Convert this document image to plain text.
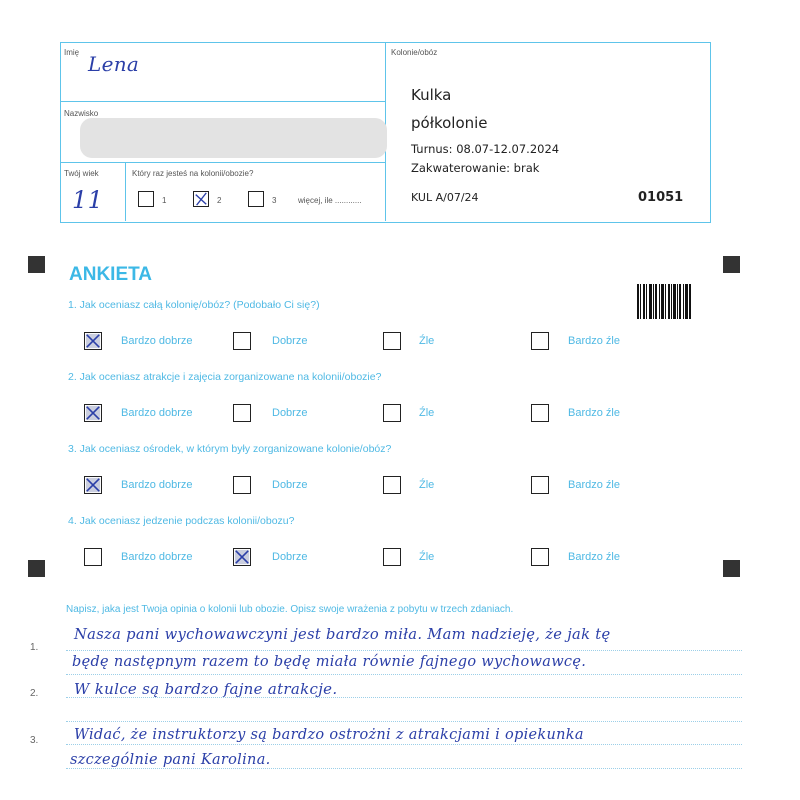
Imię Lena
Nazwisko
Twój wiek
11
Który raz jesteś na kolonii/obozie?
1	2	3	więcej, ile ............
Kolonie/obóz
Kulka
półkolonie
Turnus: 08.07-12.07.2024
Zakwaterowanie: brak
KUL A/07/24	01051
ANKIETA
1. Jak oceniasz całą kolonię/obóz? (Podobało Ci się?)
Bardzo dobrze	Dobrze	Źle	Bardzo źle
2. Jak oceniasz atrakcje i zajęcia zorganizowane na kolonii/obozie?
Bardzo dobrze	Dobrze	Źle	Bardzo źle
3. Jak oceniasz ośrodek, w którym były zorganizowane kolonie/obóz?
Bardzo dobrze	Dobrze	Źle	Bardzo źle
4. Jak oceniasz jedzenie podczas kolonii/obozu?
Bardzo dobrze	Dobrze	Źle	Bardzo źle
Napisz, jaka jest Twoja opinia o kolonii lub obozie. Opisz swoje wrażenia z pobytu w trzech zdaniach.
1.
2.
3.
Nasza pani wychowawczyni jest bardzo miła. Mam nadzieję, że jak tę
będę następnym razem to będę miała równie fajnego wychowawcę.
W kulce są bardzo fajne atrakcje.
Widać, że instruktorzy są bardzo ostrożni z atrakcjami i opiekunka
szczególnie pani Karolina.
